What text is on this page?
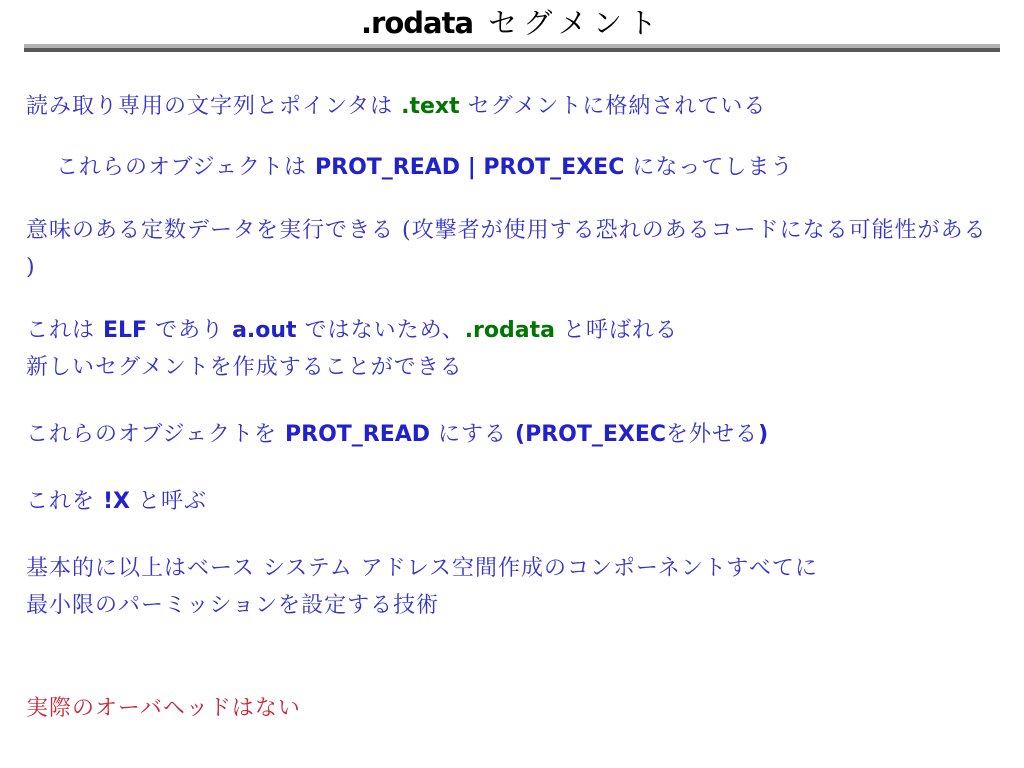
.rodata セグメント
読み取り専用の文字列とポインタは .text セグメントに格納されている
これらのオブジェクトは PROT_READ | PROT_EXEC になってしまう
意味のある定数データを実行できる (攻撃者が使用する恐れのあるコードになる可能性がある
)
これは ELF であり a.out ではないため、.rodata と呼ばれる
新しいセグメントを作成することができる
これらのオブジェクトを PROT_READ にする (PROT_EXECを外せる)
これを !X と呼ぶ
基本的に以上はベース システム アドレス空間作成のコンポーネントすべてに
最小限のパーミッションを設定する技術
実際のオーバヘッドはない
